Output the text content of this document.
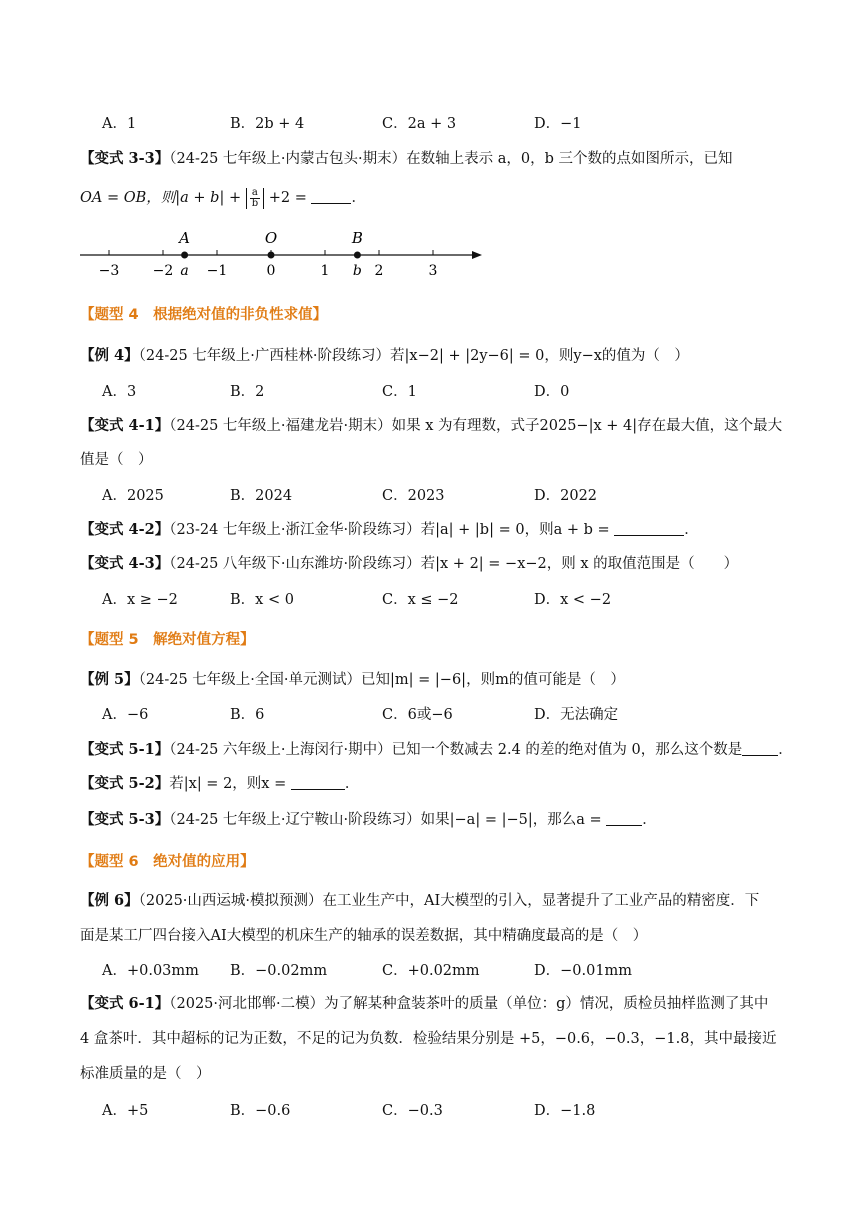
A．1	B．2b + 4	C．2a + 3	D．−1
【变式 3-3】（24-25 七年级上·内蒙古包头·期末）在数轴上表示 a，0，b 三个数的点如图所示，已知
OA = OB，则$|a + b| + \frac{a}{b} +2$ =	．
−3 −2 −1	0	1	2	3
A
a
O	B
b
【题型 4　根据绝对值的非负性求值】
【例 4】（24-25 七年级上·广西桂林·阶段练习）若|x−2| + |2y−6| = 0，则y−x的值为（　）
A．3	B．2	C．1	D．0
【变式 4-1】（24-25 七年级上·福建龙岩·期末）如果 x 为有理数，式子2025−|x + 4|存在最大值，这个最大
值是（　）
A．2025	B．2024	C．2023	D．2022
【变式 4-2】（23-24 七年级上·浙江金华·阶段练习）若|a| + |b| = 0，则a + b =	．
【变式 4-3】（24-25 八年级下·山东潍坊·阶段练习）若|x + 2| = −x−2，则 x 的取值范围是（　　）
A．x ≥ −2	B．x < 0	C．x ≤ −2	D．x < −2
【题型 5　解绝对值方程】
【例 5】（24-25 七年级上·全国·单元测试）已知|m| = |−6|，则m的值可能是（　）
A．−6	B．6	C．6或−6	D．无法确定
【变式 5-1】（24-25 六年级上·上海闵行·期中）已知一个数减去 2.4 的差的绝对值为 0，那么这个数是 ．
【变式 5-2】若|x| = 2，则x =	．
【变式 5-3】（24-25 七年级上·辽宁鞍山·阶段练习）如果|−a| = |−5|，那么a = ．
【题型 6　绝对值的应用】
【例 6】（2025·山西运城·模拟预测）在工业生产中，AI大模型的引入，显著提升了工业产品的精密度．下
面是某工厂四台接入AI大模型的机床生产的轴承的误差数据，其中精确度最高的是（　）
A．+0.03mm B．−0.02mm	C．+0.02mm	D．−0.01mm
【变式 6-1】（2025·河北邯郸·二模）为了解某种盒装茶叶的质量（单位：g）情况，质检员抽样监测了其中
4 盒茶叶．其中超标的记为正数，不足的记为负数．检验结果分别是 +5，−0.6，−0.3，−1.8，其中最接近
标准质量的是（　）
A．+5	B．−0.6	C．−0.3	D．−1.8
